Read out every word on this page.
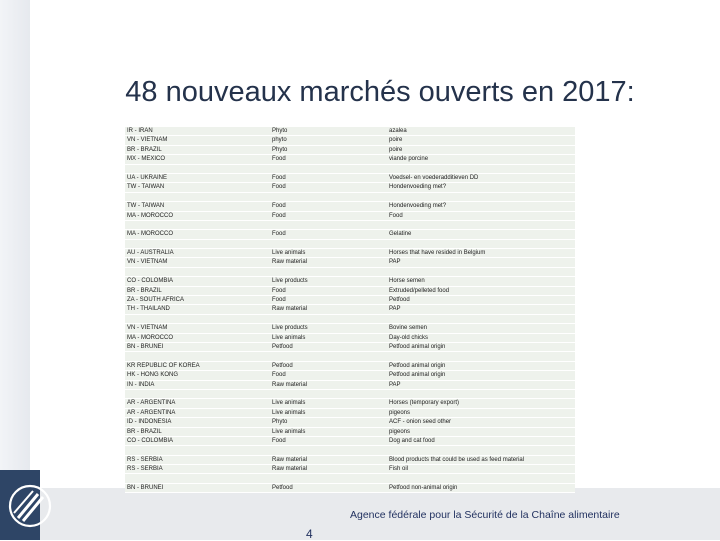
48 nouveaux marchés ouverts en 2017:
IR - IRAN	Phyto	azalea
VN - VIETNAM	phyto	poire
BR - BRAZIL	Phyto	poire
MX - MEXICO	Food	viande porcine
UA - UKRAINE	Food	Voedsel- en voederadditieven DD
TW - TAIWAN	Food	Hondenvoeding met?
TW - TAIWAN	Food	Hondenvoeding met?
MA - MOROCCO	Food	Food
MA - MOROCCO	Food	Gelatine
AU - AUSTRALIA	Live animals	Horses that have resided in Belgium
VN - VIETNAM	Raw material	PAP
CO - COLOMBIA	Live products	Horse semen
BR - BRAZIL	Food	Extruded/pelleted food
ZA - SOUTH AFRICA	Food	Petfood
TH - THAILAND	Raw material	PAP
VN - VIETNAM	Live products	Bovine semen
MA - MOROCCO	Live animals	Day-old chicks
BN - BRUNEI	Petfood	Petfood animal origin
KR REPUBLIC OF KOREA	Petfood	Petfood animal origin
HK - HONG KONG	Food	Petfood animal origin
IN - INDIA	Raw material	PAP
AR - ARGENTINA	Live animals	Horses (temporary export)
AR - ARGENTINA	Live animals	pigeons
ID - INDONESIA	Phyto	ACF - onion seed other
BR - BRAZIL	Live animals	pigeons
CO - COLOMBIA	Food	Dog and cat food
RS - SERBIA	Raw material	Blood products that could be used as feed material
RS - SERBIA	Raw material	Fish oil
BN - BRUNEI	Petfood	Petfood non-animal origin
Agence fédérale pour la Sécurité de la Chaîne alimentaire
4
